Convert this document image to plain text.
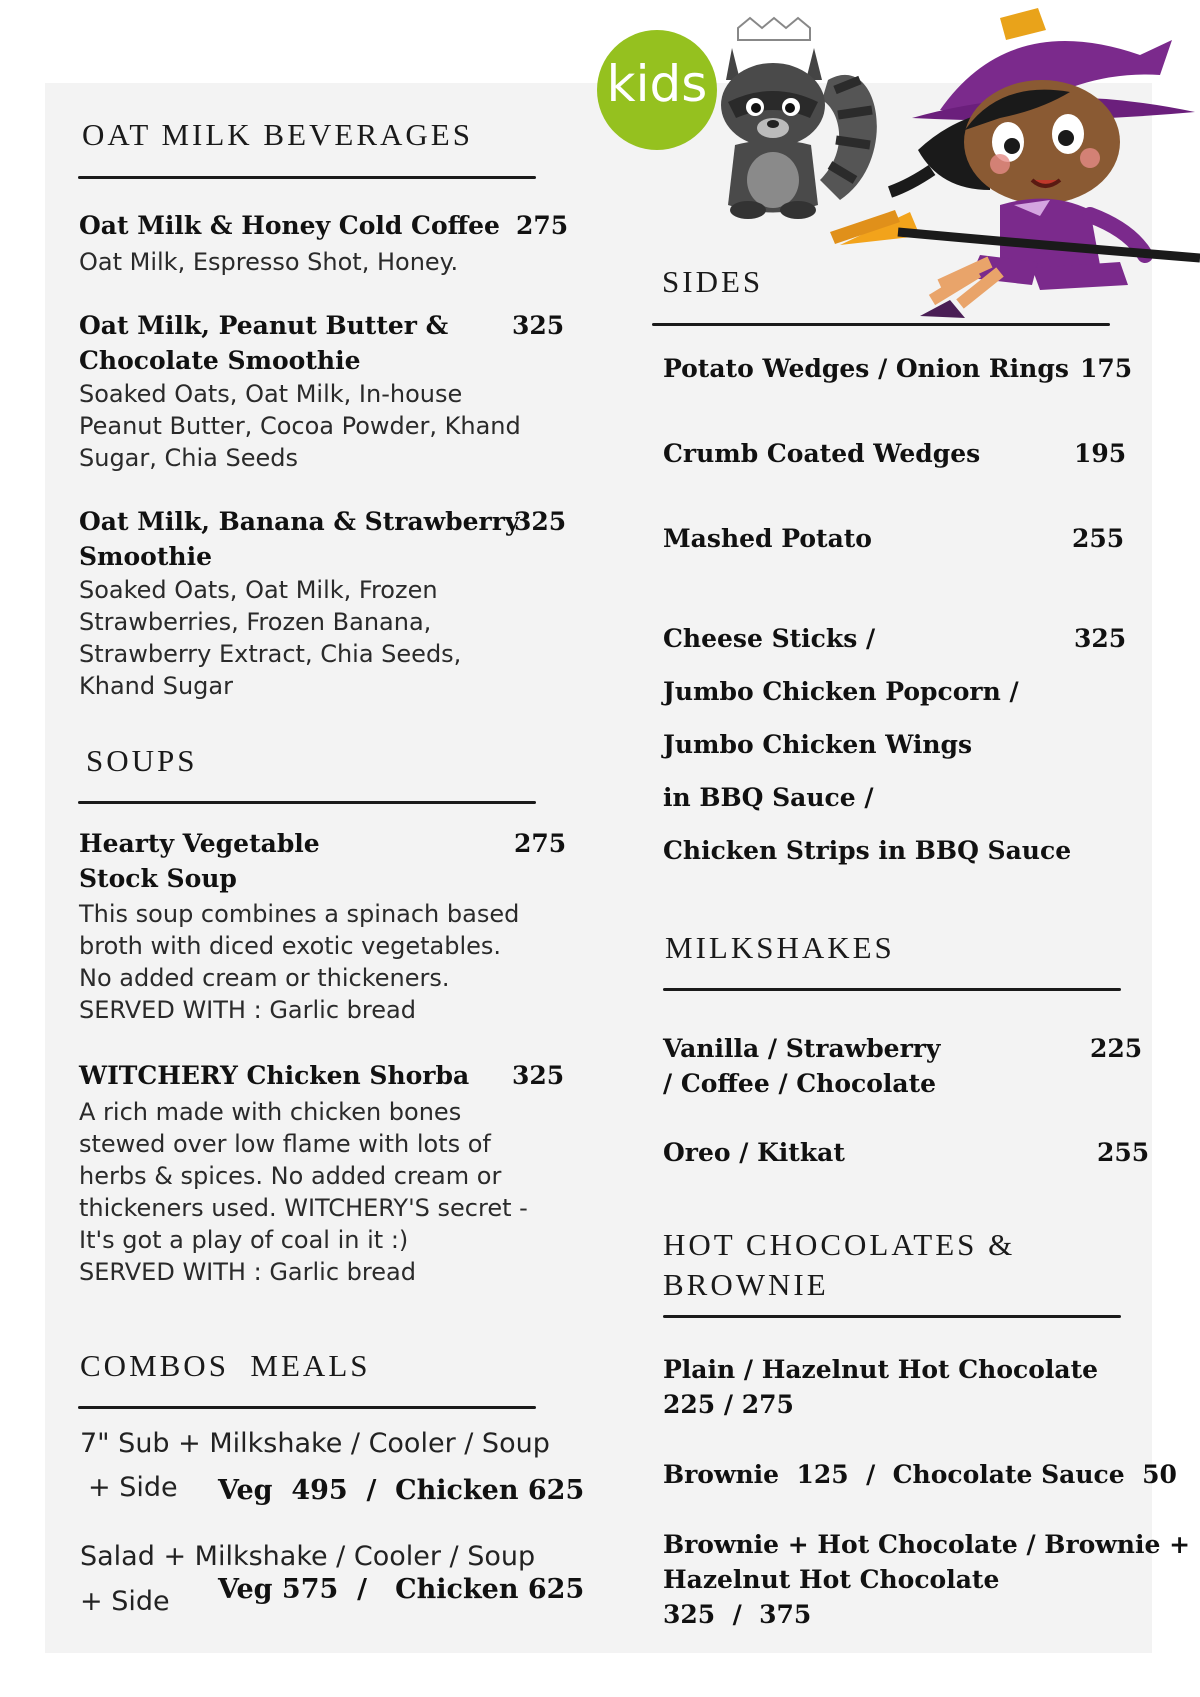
kids
OAT MILK BEVERAGES
Oat Milk & Honey Cold Coffee 275
Oat Milk, Espresso Shot, Honey.
Oat Milk, Peanut Butter &
Chocolate Smoothie
325
Soaked Oats, Oat Milk, In-house
Peanut Butter, Cocoa Powder, Khand
Sugar, Chia Seeds
Oat Milk, Banana & Strawberry
Smoothie
325
Soaked Oats, Oat Milk, Frozen
Strawberries, Frozen Banana,
Strawberry Extract, Chia Seeds,
Khand Sugar
SOUPS
Hearty Vegetable
Stock Soup
275
This soup combines a spinach based
broth with diced exotic vegetables.
No added cream or thickeners.
SERVED WITH : Garlic bread
WITCHERY Chicken Shorba 325
A rich made with chicken bones
stewed over low flame with lots of
herbs & spices. No added cream or
thickeners used. WITCHERY'S secret -
It's got a play of coal in it :)
SERVED WITH : Garlic bread
COMBOS  MEALS
7" Sub + Milkshake / Cooler / Soup
+ Side Veg  495  /  Chicken 625
Salad + Milkshake / Cooler / Soup
+ Side Veg 575  /   Chicken 625
SIDES
Potato Wedges / Onion Rings 175
Crumb Coated Wedges	195
Mashed Potato	255
Cheese Sticks /	325
Jumbo Chicken Popcorn /
Jumbo Chicken Wings
in BBQ Sauce /
Chicken Strips in BBQ Sauce
MILKSHAKES
Vanilla / Strawberry
/ Coffee / Chocolate
225
Oreo / Kitkat	255
HOT CHOCOLATES &
BROWNIE
Plain / Hazelnut Hot Chocolate
225 / 275
Brownie  125  /  Chocolate Sauce  50
Brownie + Hot Chocolate / Brownie +
Hazelnut Hot Chocolate
325  /  375
